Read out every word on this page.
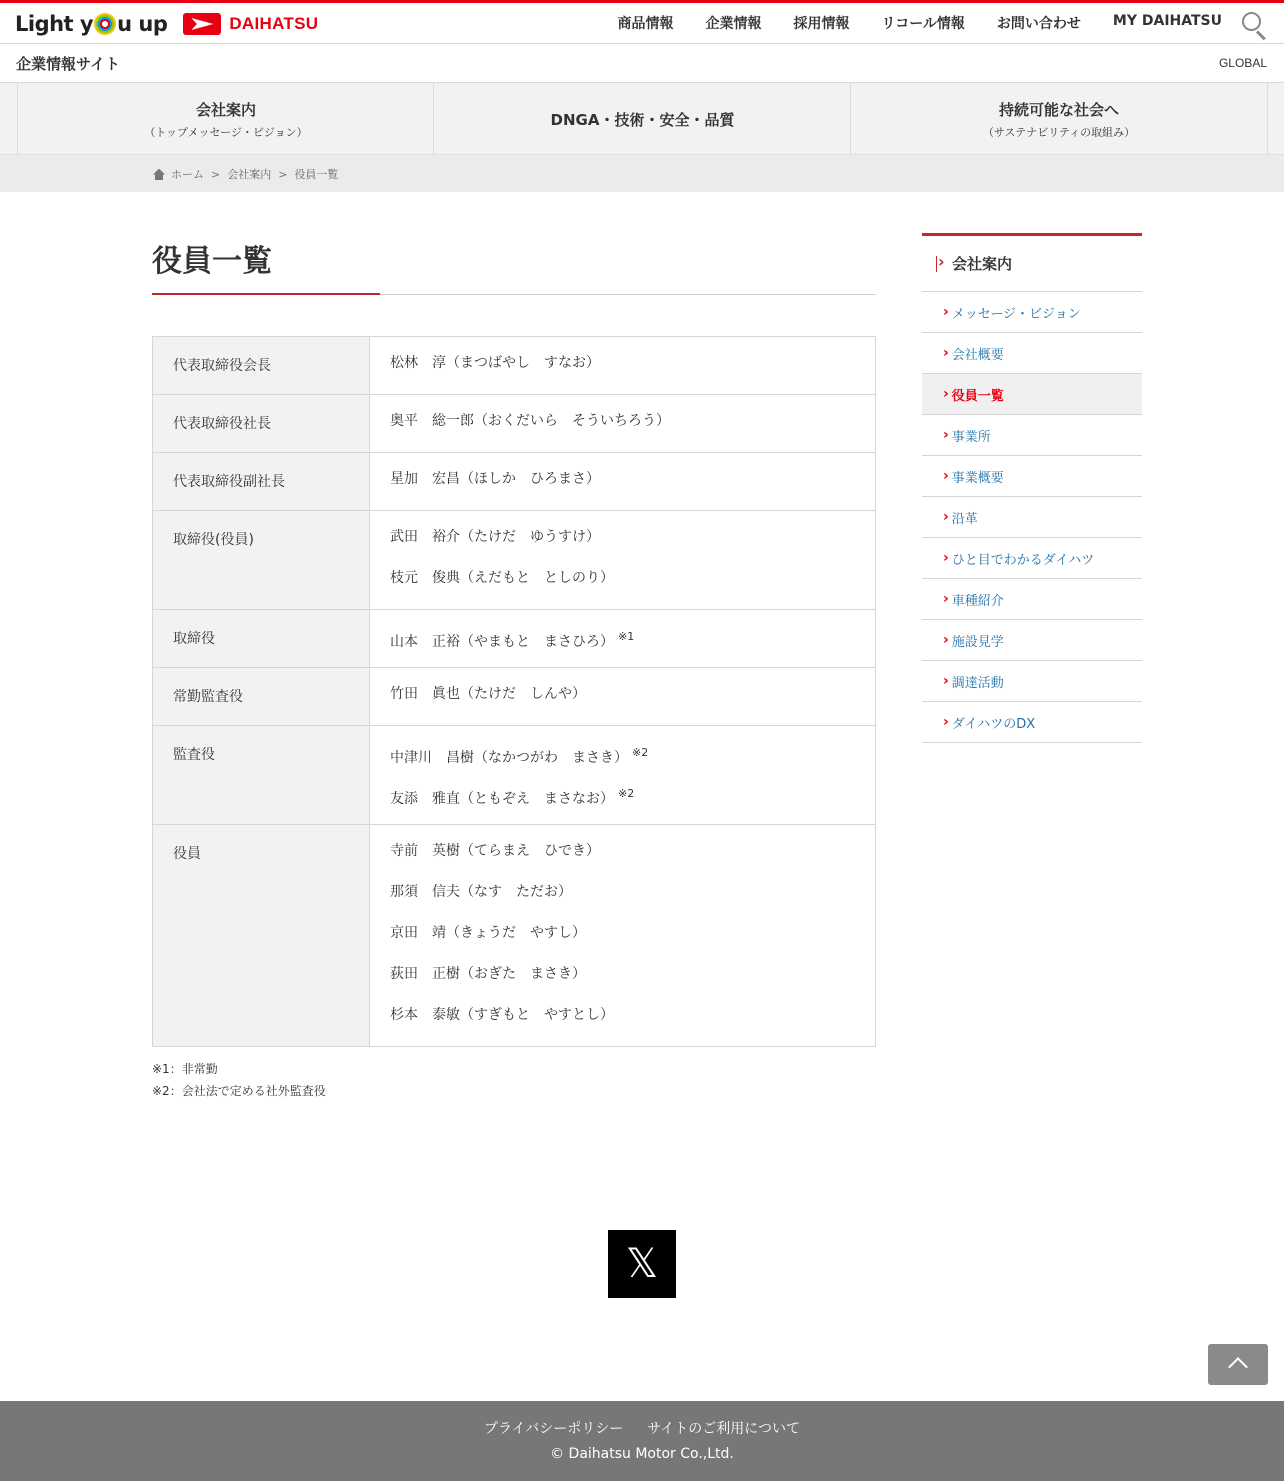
Light y u up	DAIHATSU	商品情報 企業情報 採用情報 リコール情報 お問い合わせ MY DAIHATSU
企業情報サイト	GLOBAL
会社案内
（トップメッセージ・ビジョン）
DNGA・技術・安全・品質
持続可能な社会へ
（サステナビリティの取組み）
ホーム > 会社案内 > 役員一覧
役員一覧
代表取締役会長	松林　淳（まつばやし　すなお）

代表取締役社長	奥平　総一郎（おくだいら　そういちろう）

代表取締役副社長	星加　宏昌（ほしか　ひろまさ）

取締役(役員)	武田　裕介（たけだ　ゆうすけ）
枝元　俊典（えだもと　としのり）

取締役	山本　正裕（やまもと　まさひろ） $^{※1}$

常勤監査役	竹田　眞也（たけだ　しんや）

監査役	中津川　昌樹（なかつがわ　まさき） $^{※2}$
友添　雅直（ともぞえ　まさなお） $^{※2}$

役員	寺前　英樹（てらまえ　ひでき）
那須　信夫（なす　ただお）
京田　靖（きょうだ　やすし）
荻田　正樹（おぎた　まさき）
杉本　泰敏（すぎもと　やすとし）
※1：非常勤
※2：会社法で定める社外監査役
›
会社案内
› メッセージ・ビジョン
› 会社概要
› 役員一覧
› 事業所
› 事業概要
› 沿革
› ひと目でわかるダイハツ
› 車種紹介
› 施設見学
› 調達活動
› ダイハツのDX
𝕏
プライバシーポリシー サイトのご利用について
© Daihatsu Motor Co.,Ltd.
